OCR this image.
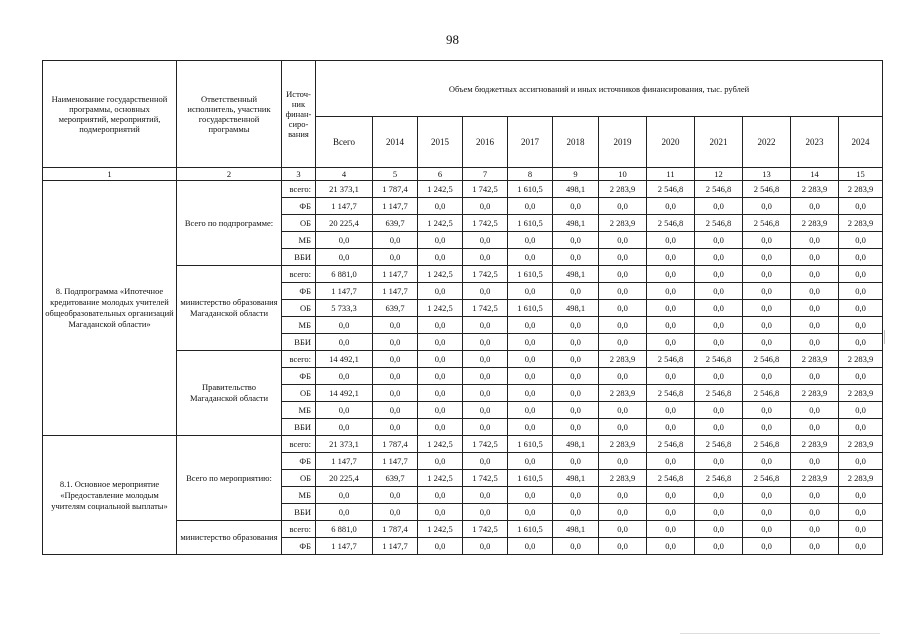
98
Наименование государственной программы, основных мероприятий, мероприятий, подмероприятий	Ответственный исполнитель, участник государственной программы	Источ-ник финан-сиро-вания	Объем бюджетных ассигнований и иных источников финансирования, тыс. рублей											
			Всего	2014	2015	2016	2017	2018	2019	2020	2021	2022	2023	2024
1	2	3	4	5	6	7	8	9	10	11	12	13	14	15
8. Подпрограмма «Ипотечное кредитование молодых учителей общеобразовательных организаций Магаданской области»	Всего по подпрограмме:	всего:	21 373,1	1 787,4	1 242,5	1 742,5	1 610,5	498,1	2 283,9	2 546,8	2 546,8	2 546,8	2 283,9	2 283,9
		ФБ	1 147,7	1 147,7	0,0	0,0	0,0	0,0	0,0	0,0	0,0	0,0	0,0	0,0
		ОБ	20 225,4	639,7	1 242,5	1 742,5	1 610,5	498,1	2 283,9	2 546,8	2 546,8	2 546,8	2 283,9	2 283,9
		МБ	0,0	0,0	0,0	0,0	0,0	0,0	0,0	0,0	0,0	0,0	0,0	0,0
		ВБИ	0,0	0,0	0,0	0,0	0,0	0,0	0,0	0,0	0,0	0,0	0,0	0,0
	министерство образования Магаданской области	всего:	6 881,0	1 147,7	1 242,5	1 742,5	1 610,5	498,1	0,0	0,0	0,0	0,0	0,0	0,0
		ФБ	1 147,7	1 147,7	0,0	0,0	0,0	0,0	0,0	0,0	0,0	0,0	0,0	0,0
		ОБ	5 733,3	639,7	1 242,5	1 742,5	1 610,5	498,1	0,0	0,0	0,0	0,0	0,0	0,0
		МБ	0,0	0,0	0,0	0,0	0,0	0,0	0,0	0,0	0,0	0,0	0,0	0,0
		ВБИ	0,0	0,0	0,0	0,0	0,0	0,0	0,0	0,0	0,0	0,0	0,0	0,0
	Правительство Магаданской области	всего:	14 492,1	0,0	0,0	0,0	0,0	0,0	2 283,9	2 546,8	2 546,8	2 546,8	2 283,9	2 283,9
		ФБ	0,0	0,0	0,0	0,0	0,0	0,0	0,0	0,0	0,0	0,0	0,0	0,0
		ОБ	14 492,1	0,0	0,0	0,0	0,0	0,0	2 283,9	2 546,8	2 546,8	2 546,8	2 283,9	2 283,9
		МБ	0,0	0,0	0,0	0,0	0,0	0,0	0,0	0,0	0,0	0,0	0,0	0,0
		ВБИ	0,0	0,0	0,0	0,0	0,0	0,0	0,0	0,0	0,0	0,0	0,0	0,0
8.1. Основное мероприятие «Предоставление молодым учителям социальной выплаты»	Всего по мероприятию:	всего:	21 373,1	1 787,4	1 242,5	1 742,5	1 610,5	498,1	2 283,9	2 546,8	2 546,8	2 546,8	2 283,9	2 283,9
		ФБ	1 147,7	1 147,7	0,0	0,0	0,0	0,0	0,0	0,0	0,0	0,0	0,0	0,0
		ОБ	20 225,4	639,7	1 242,5	1 742,5	1 610,5	498,1	2 283,9	2 546,8	2 546,8	2 546,8	2 283,9	2 283,9
		МБ	0,0	0,0	0,0	0,0	0,0	0,0	0,0	0,0	0,0	0,0	0,0	0,0
		ВБИ	0,0	0,0	0,0	0,0	0,0	0,0	0,0	0,0	0,0	0,0	0,0	0,0
	министерство образования	всего:	6 881,0	1 787,4	1 242,5	1 742,5	1 610,5	498,1	0,0	0,0	0,0	0,0	0,0	0,0
		ФБ	1 147,7	1 147,7	0,0	0,0	0,0	0,0	0,0	0,0	0,0	0,0	0,0	0,0
